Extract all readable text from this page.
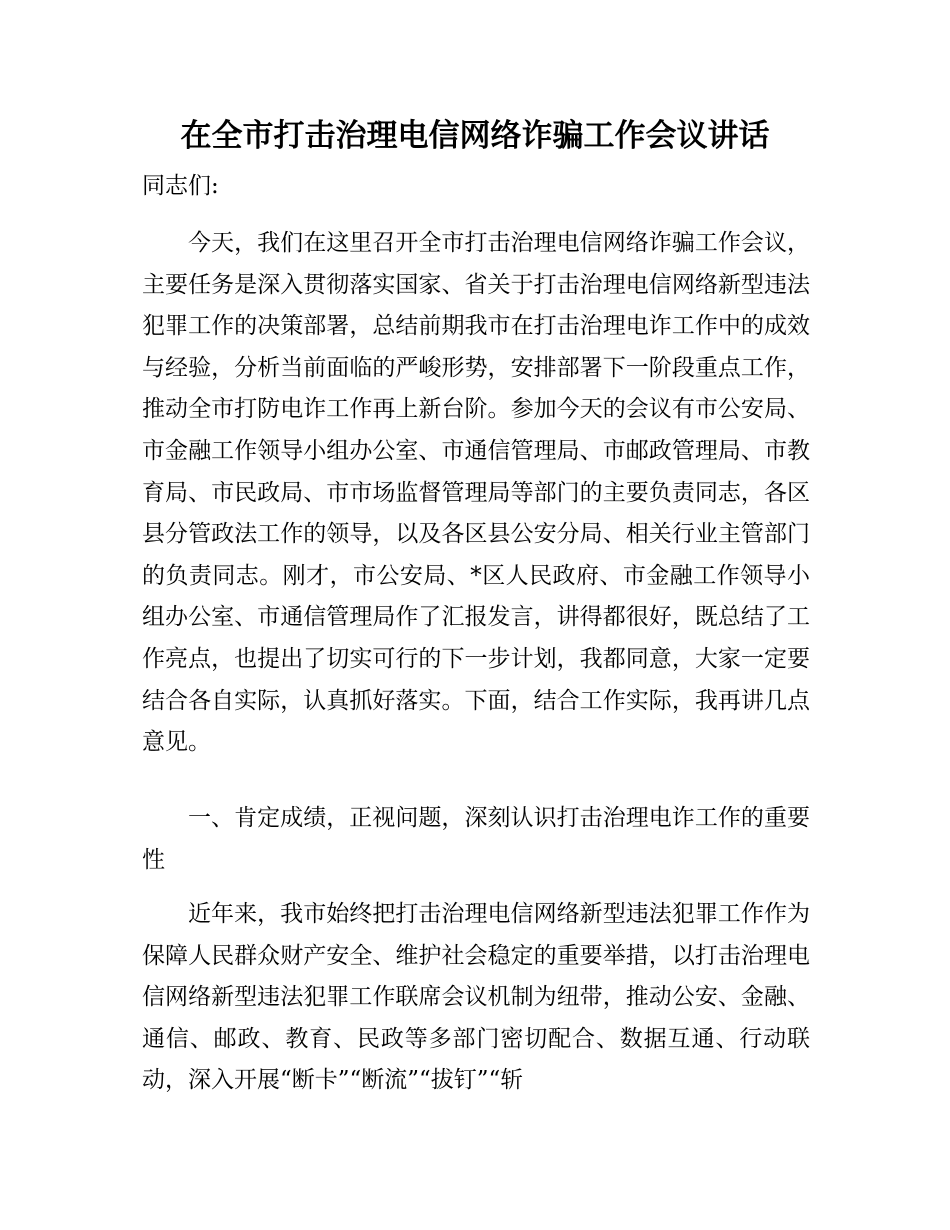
在全市打击治理电信网络诈骗工作会议讲话

同志们:

今天，我们在这里召开全市打击治理电信网络诈骗工作会议，主要任务是深入贯彻落实国家、省关于打击治理电信网络新型违法犯罪工作的决策部署，总结前期我市在打击治理电诈工作中的成效与经验，分析当前面临的严峻形势，安排部署下一阶段重点工作，推动全市打防电诈工作再上新台阶。参加今天的会议有市公安局、市金融工作领导小组办公室、市通信管理局、市邮政管理局、市教育局、市民政局、市市场监督管理局等部门的主要负责同志，各区县分管政法工作的领导，以及各区县公安分局、相关行业主管部门的负责同志。刚才，市公安局、*区人民政府、市金融工作领导小组办公室、市通信管理局作了汇报发言，讲得都很好，既总结了工作亮点，也提出了切实可行的下一步计划，我都同意，大家一定要结合各自实际，认真抓好落实。下面，结合工作实际，我再讲几点意见。

一、肯定成绩，正视问题，深刻认识打击治理电诈工作的重要性

近年来，我市始终把打击治理电信网络新型违法犯罪工作作为保障人民群众财产安全、维护社会稳定的重要举措，以打击治理电信网络新型违法犯罪工作联席会议机制为纽带，推动公安、金融、通信、邮政、教育、民政等多部门密切配合、数据互通、行动联动，深入开展“断卡”“断流”“拔钉”“斩
